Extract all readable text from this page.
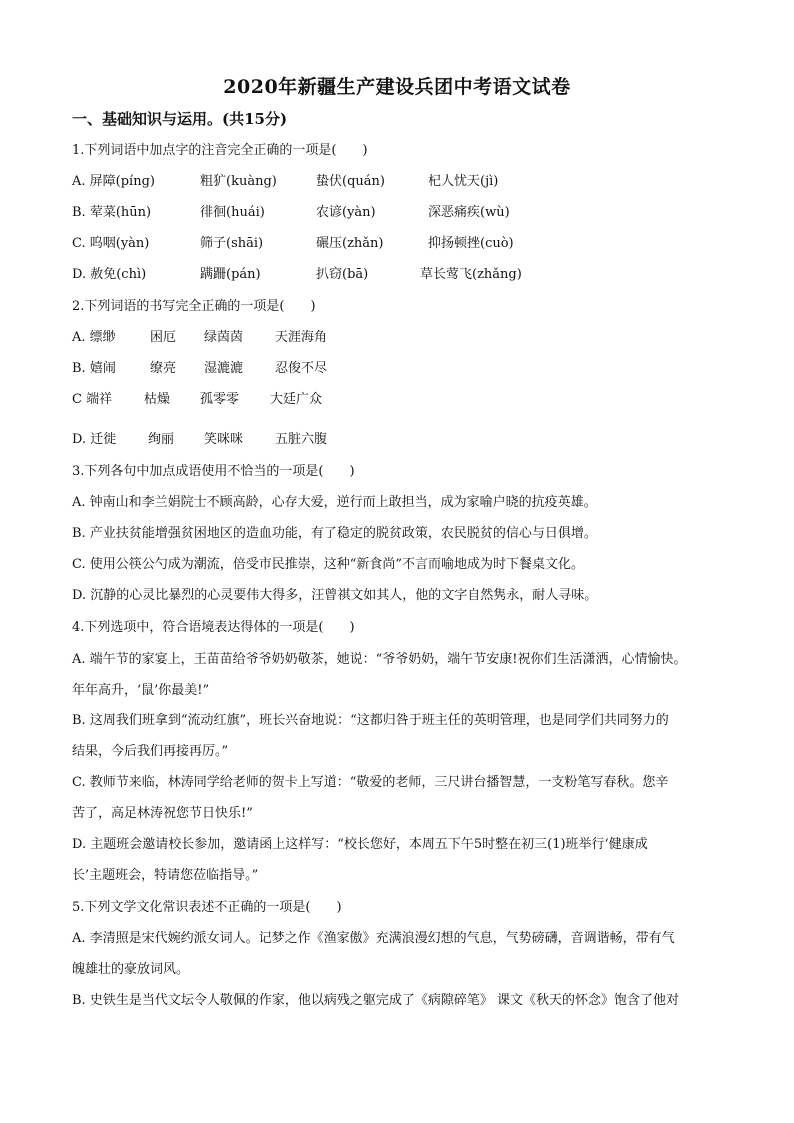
2020年新疆生产建设兵团中考语文试卷
一、基础知识与运用。(共15分)
1.下列词语中加点字的注音完全正确的一项是(　　)
A. 屏障(píng)	粗犷(kuàng)	蛰伏(quán)	杞人忧天(jì)
B. 荤菜(hūn)	徘徊(huái)	农谚(yàn)	深恶痛疾(wù)
C. 呜咽(yàn)	筛子(shāi)	碾压(zhǎn)	抑扬顿挫(cuò)
D. 赦免(chì)	蹒跚(pán)	扒窃(bā)	草长莺飞(zhǎng)
2.下列词语的书写完全正确的一项是(　　)
A. 缥缈	困厄 绿茵茵 天涯海角
B. 嬉闹	缭亮 湿漉漉 忍俊不尽
C 端祥 枯燥 孤零零 大廷广众
D. 迁徙 绚丽 笑咪咪 五脏六腹
3.下列各句中加点成语使用不恰当的一项是(　　)
A. 钟南山和李兰娟院士不顾高龄，心存大爱，逆行而上敢担当，成为家喻户晓的抗疫英雄。
B. 产业扶贫能增强贫困地区的造血功能，有了稳定的脱贫政策，农民脱贫的信心与日俱增。
C. 使用公筷公勺成为潮流，倍受市民推崇，这种“新食尚”不言而喻地成为时下餐桌文化。
D. 沉静的心灵比暴烈的心灵要伟大得多，汪曾祺文如其人，他的文字自然隽永，耐人寻味。
4.下列选项中，符合语境表达得体的一项是(　　)
A. 端午节的家宴上，王苗苗给爷爷奶奶敬茶，她说：“爷爷奶奶，端午节安康!祝你们生活潇洒，心情愉快。
年年高升，‘鼠’你最美!”
B. 这周我们班拿到“流动红旗”，班长兴奋地说：“这都归咎于班主任的英明管理，也是同学们共同努力的
结果，今后我们再接再厉。”
C. 教师节来临，林涛同学给老师的贺卡上写道：“敬爱的老师，三尺讲台播智慧，一支粉笔写春秋。您辛
苦了，高足林涛祝您节日快乐!”
D. 主题班会邀请校长参加，邀请函上这样写：“校长您好，本周五下午5时整在初三(1)班举行‘健康成
长’主题班会，特请您莅临指导。”
5.下列文学文化常识表述不正确的一项是(　　)
A. 李清照是宋代婉约派女词人。记梦之作《渔家傲》充满浪漫幻想的气息，气势磅礴，音调谐畅，带有气
魄雄壮的豪放词风。
B. 史铁生是当代文坛令人敬佩的作家，他以病残之躯完成了《病隙碎笔》 课文《秋天的怀念》饱含了他对
